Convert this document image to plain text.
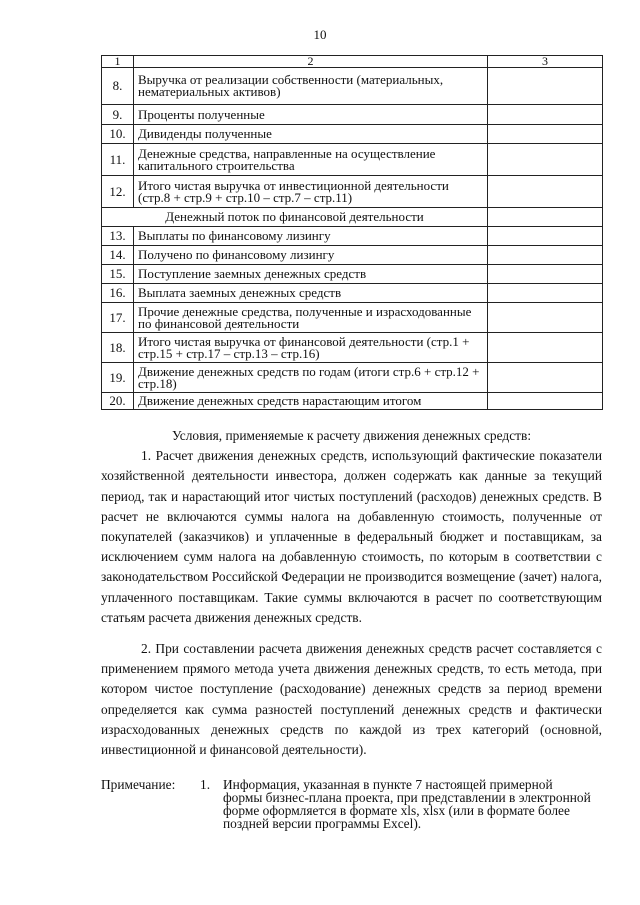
10
1	2	3
8.	Выручка от реализации собственности (материальных, нематериальных активов)	
9.	Проценты полученные	
10.	Дивиденды полученные	
11.	Денежные средства, направленные на осуществление капитального строительства	
12.	Итого чистая выручка от инвестиционной деятельности (стр.8 + стр.9 + стр.10 – стр.7 – стр.11)	
Денежный поток по финансовой деятельности		
13.	Выплаты по финансовому лизингу	
14.	Получено по финансовому лизингу	
15.	Поступление заемных денежных средств	
16.	Выплата заемных денежных средств	
17.	Прочие денежные средства, полученные и израсходованные по финансовой деятельности	
18.	Итого чистая выручка от финансовой деятельности (стр.1 + стр.15 + стр.17 – стр.13 – стр.16)	
19.	Движение денежных средств по годам (итоги стр.6 + стр.12 + стр.18)	
20.	Движение денежных средств нарастающим итогом	

Условия, применяемые к расчету движения денежных средств:

1. Расчет движения денежных средств, использующий фактические показатели хозяйственной деятельности инвестора, должен содержать как данные за текущий период, так и нарастающий итог чистых поступлений (расходов) денежных средств. В расчет не включаются суммы налога на добавленную стоимость, полученные от покупателей (заказчиков) и уплаченные в федеральный бюджет и поставщикам, за исключением сумм налога на добавленную стоимость, по которым в соответствии с законодательством Российской Федерации не производится возмещение (зачет) налога, уплаченного поставщикам. Такие суммы включаются в расчет по соответствующим статьям расчета движения денежных средств.

2. При составлении расчета движения денежных средств расчет составляется с применением прямого метода учета движения денежных средств, то есть метода, при котором чистое поступление (расходование) денежных средств за период времени определяется как сумма разностей поступлений денежных средств и фактически израсходованных денежных средств по каждой из трех категорий (основной, инвестиционной и финансовой деятельности).

Примечание: 1. Информация, указанная в пункте 7 настоящей примерной формы бизнес-плана проекта, при представлении в электронной форме оформляется в формате xls, xlsx (или в формате более поздней версии программы Excel).
